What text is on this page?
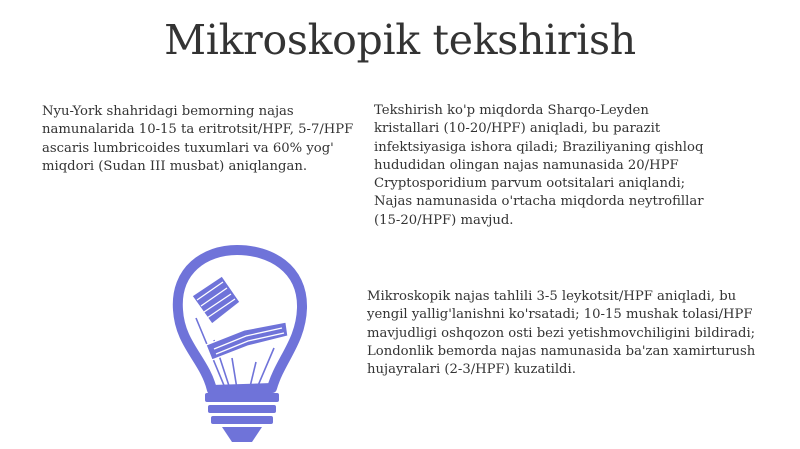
Mikroskopik tekshirish

Nyu-York shahridagi bemorning najas namunalarida 10-15 ta eritrotsit/HPF, 5-7/HPF ascaris lumbricoides tuxumlari va 60% yog' miqdori (Sudan III musbat) aniqlangan.

Tekshirish ko'p miqdorda Sharqo-Leyden kristallari (10-20/HPF) aniqladi, bu parazit infektsiyasiga ishora qiladi; Braziliyaning qishloq hududidan olingan najas namunasida 20/HPF Cryptosporidium parvum ootsitalari aniqlandi; Najas namunasida o'rtacha miqdorda neytrofillar (15-20/HPF) mavjud.

Mikroskopik najas tahlili 3-5 leykotsit/HPF aniqladi, bu yengil yallig'lanishni ko'rsatadi; 10-15 mushak tolasi/HPF mavjudligi oshqozon osti bezi yetishmovchiligini bildiradi; Londonlik bemorda najas namunasida ba'zan xamirturush hujayralari (2-3/HPF) kuzatildi.
